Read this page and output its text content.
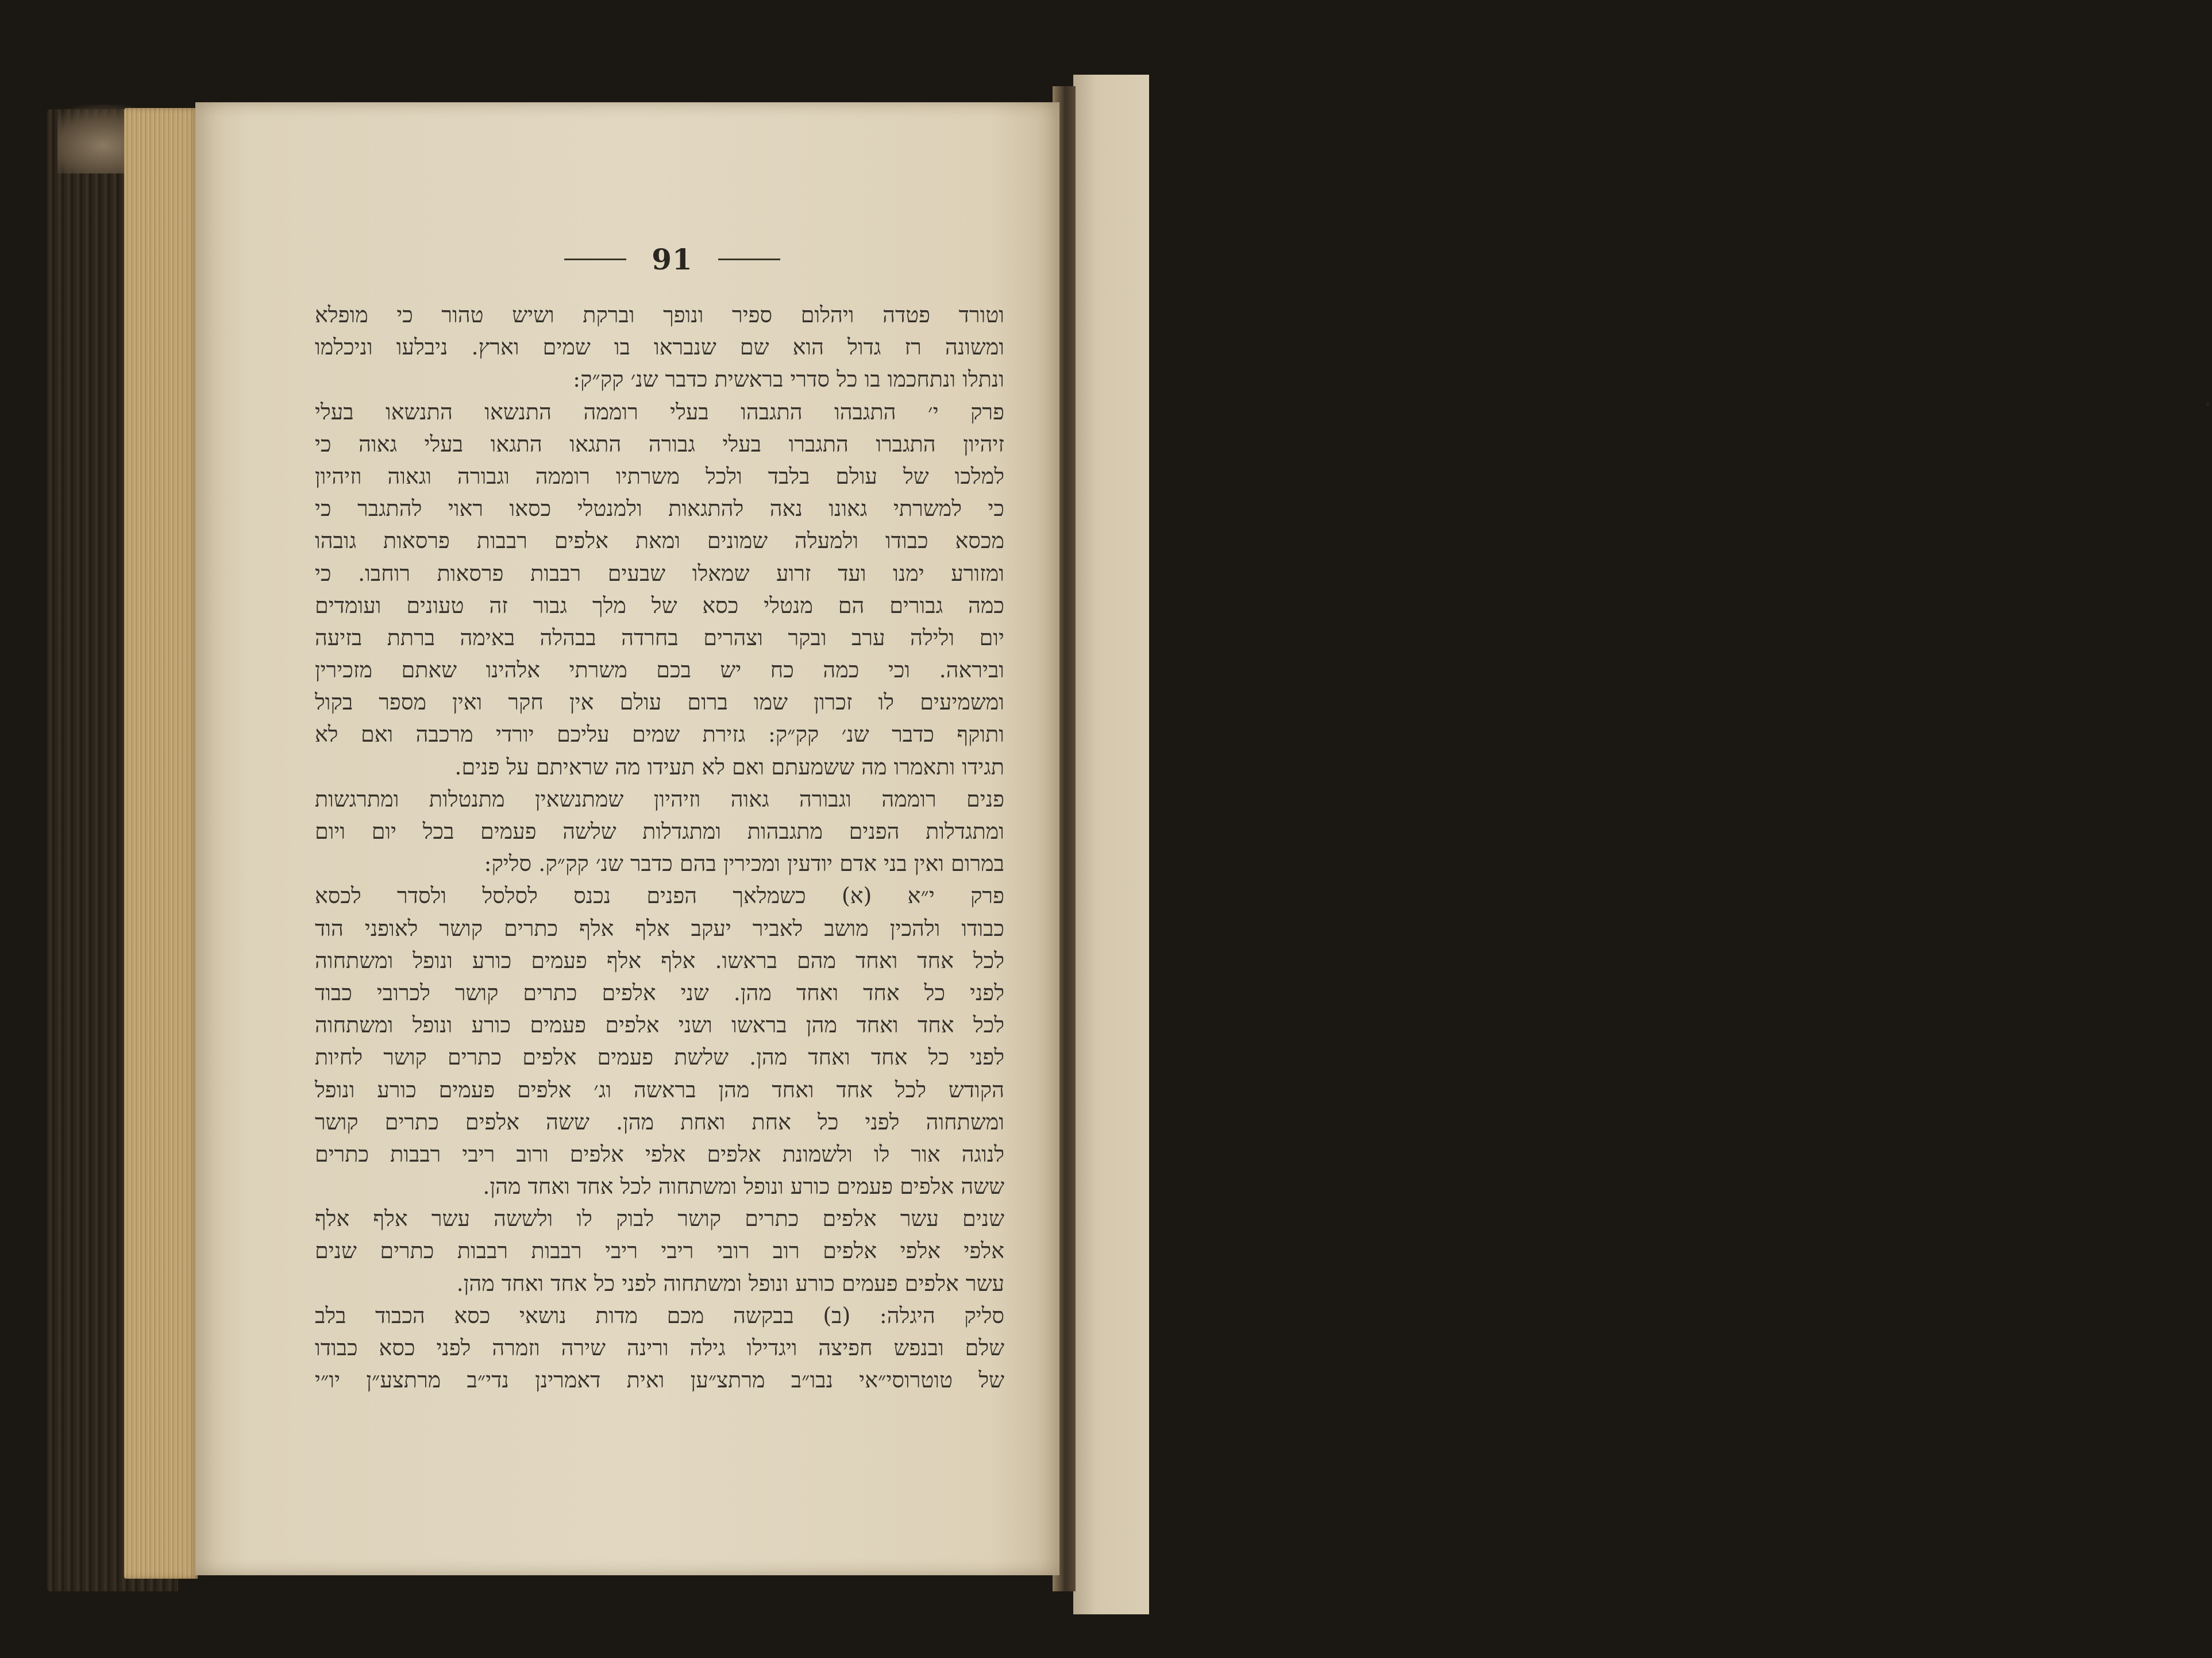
.
91
וטורד פטדה ויהלום ספיר ונופך וברקת ושיש טהור כי מופלא
ומשונה רז גדול הוא שם שנבראו בו שמים וארץ. ניבלעו וניכלמו
ונתלו ונתחכמו בו כל סדרי בראשית כדבר שנ׳ קק״ק:
פרק י׳ התגבהו התגבהו בעלי רוממה התנשאו התנשאו בעלי
זיהיון התגברו התגברו בעלי גבורה התגאו התגאו בעלי גאוה כי
למלכו של עולם בלבד ולכל משרתיו רוממה וגבורה וגאוה וזיהיון
כי למשרתי גאונו נאה להתגאות ולמנטלי כסאו ראוי להתגבר כי
מכסא כבודו ולמעלה שמונים ומאת אלפים רבבות פרסאות גובהו
ומזורע ימנו ועד זרוע שמאלו שבעים רבבות פרסאות רוחבו. כי
כמה גבורים הם מנטלי כסא של מלך גבור זה טעונים ועומדים
יום ולילה ערב ובקר וצהרים בחרדה בבהלה באימה ברתת בזיעה
וביראה. וכי כמה כח יש בכם משרתי אלהינו שאתם מזכירין
ומשמיעים לו זכרון שמו ברום עולם אין חקר ואין מספר בקול
ותוקף כדבר שנ׳ קק״ק: גזירת שמים עליכם יורדי מרכבה ואם לא
תגידו ותאמרו מה ששמעתם ואם לא תעידו מה שראיתם על פנים.
פנים רוממה וגבורה גאוה וזיהיון שמתנשאין מתנטלות ומתרגשות
ומתגדלות הפנים מתגבהות ומתגדלות שלשה פעמים בכל יום ויום
במרום ואין בני אדם יודעין ומכירין בהם כדבר שנ׳ קק״ק. סליק:
פרק י״א (א) כשמלאך הפנים נכנס לסלסל ולסדר לכסא
כבודו ולהכין מושב לאביר יעקב אלף אלף כתרים קושר לאופני הוד
לכל אחד ואחד מהם בראשו. אלף אלף פעמים כורע ונופל ומשתחוה
לפני כל אחד ואחד מהן. שני אלפים כתרים קושר לכרובי כבוד
לכל אחד ואחד מהן בראשו ושני אלפים פעמים כורע ונופל ומשתחוה
לפני כל אחד ואחד מהן. שלשת פעמים אלפים כתרים קושר לחיות
הקודש לכל אחד ואחד מהן בראשה וג׳ אלפים פעמים כורע ונופל
ומשתחוה לפני כל אחת ואחת מהן. ששה אלפים כתרים קושר
לנוגה אור לו ולשמונת אלפים אלפי אלפים ורוב ריבי רבבות כתרים
ששה אלפים פעמים כורע ונופל ומשתחוה לכל אחד ואחד מהן.
שנים עשר אלפים כתרים קושר לבוק לו ולששה עשר אלף אלף
אלפי אלפי אלפים רוב רובי ריבי ריבי רבבות רבבות כתרים שנים
עשר אלפים פעמים כורע ונופל ומשתחוה לפני כל אחד ואחד מהן.
סליק היגלה: (ב) בבקשה מכם מדות נושאי כסא הכבוד בלב
שלם ובנפש חפיצה ויגדילו גילה ורינה שירה וזמרה לפני כסא כבודו
של טוטרוסי״אי נבו״ב מרתצ״ען ואית דאמרינן נדי״ב מרתצע״ן יו״י
